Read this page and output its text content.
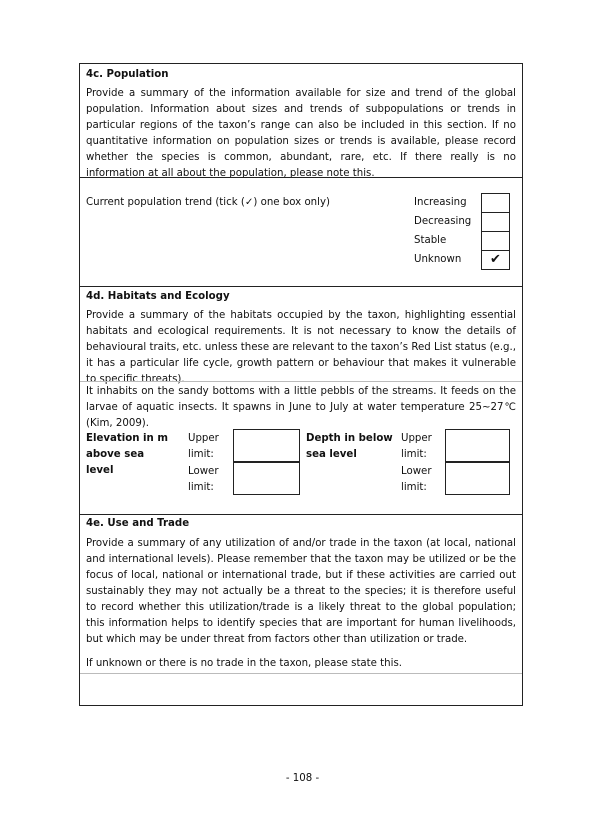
4c. Population
Provide a summary of the information available for size and trend of the global population. Information about sizes and trends of subpopulations or trends in particular regions of the taxon’s range can also be included in this section. If no quantitative information on population sizes or trends is available, please record whether the species is common, abundant, rare, etc. If there really is no information at all about the population, please note this.
Current population trend (tick (✓) one box only)	Increasing
Decreasing
Stable
Unknown	✔
4d. Habitats and Ecology
Provide a summary of the habitats occupied by the taxon, highlighting essential habitats and ecological requirements. It is not necessary to know the details of behavioural traits, etc. unless these are relevant to the taxon’s Red List status (e.g., it has a particular life cycle, growth pattern or behaviour that makes it vulnerable to specific threats).
It inhabits on the sandy bottoms with a little pebbls of the streams. It feeds on the larvae of aquatic insects. It spawns in June to July at water temperature 25~27℃ (Kim, 2009).
Elevation in m above sea level
Upper limit:
Lower limit:
Depth in below sea level
Upper limit:
Lower limit:
4e. Use and Trade
Provide a summary of any utilization of and/or trade in the taxon (at local, national and international levels). Please remember that the taxon may be utilized or be the focus of local, national or international trade, but if these activities are carried out sustainably they may not actually be a threat to the species; it is therefore useful to record whether this utilization/trade is a likely threat to the global population; this information helps to identify species that are important for human livelihoods, but which may be under threat from factors other than utilization or trade.
If unknown or there is no trade in the taxon, please state this.
- 108 -
